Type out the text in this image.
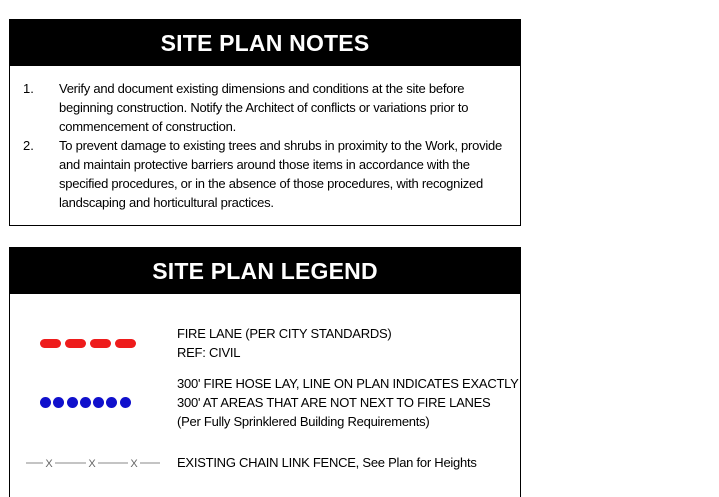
SITE PLAN NOTES
1.	Verify and document existing dimensions and conditions at the site before beginning construction. Notify the Architect of conflicts or variations prior to commencement of construction.
2.	To prevent damage to existing trees and shrubs in proximity to the Work, provide and maintain protective barriers around those items in accordance with the specified procedures, or in the absence of those procedures, with recognized landscaping and horticultural practices.
SITE PLAN LEGEND
FIRE LANE (PER CITY STANDARDS)
REF: CIVIL
300' FIRE HOSE LAY, LINE ON PLAN INDICATES EXACTLY
300' AT AREAS THAT ARE NOT NEXT TO FIRE LANES
(Per Fully Sprinklered Building Requirements)
X	X	X	EXISTING CHAIN LINK FENCE, See Plan for Heights
